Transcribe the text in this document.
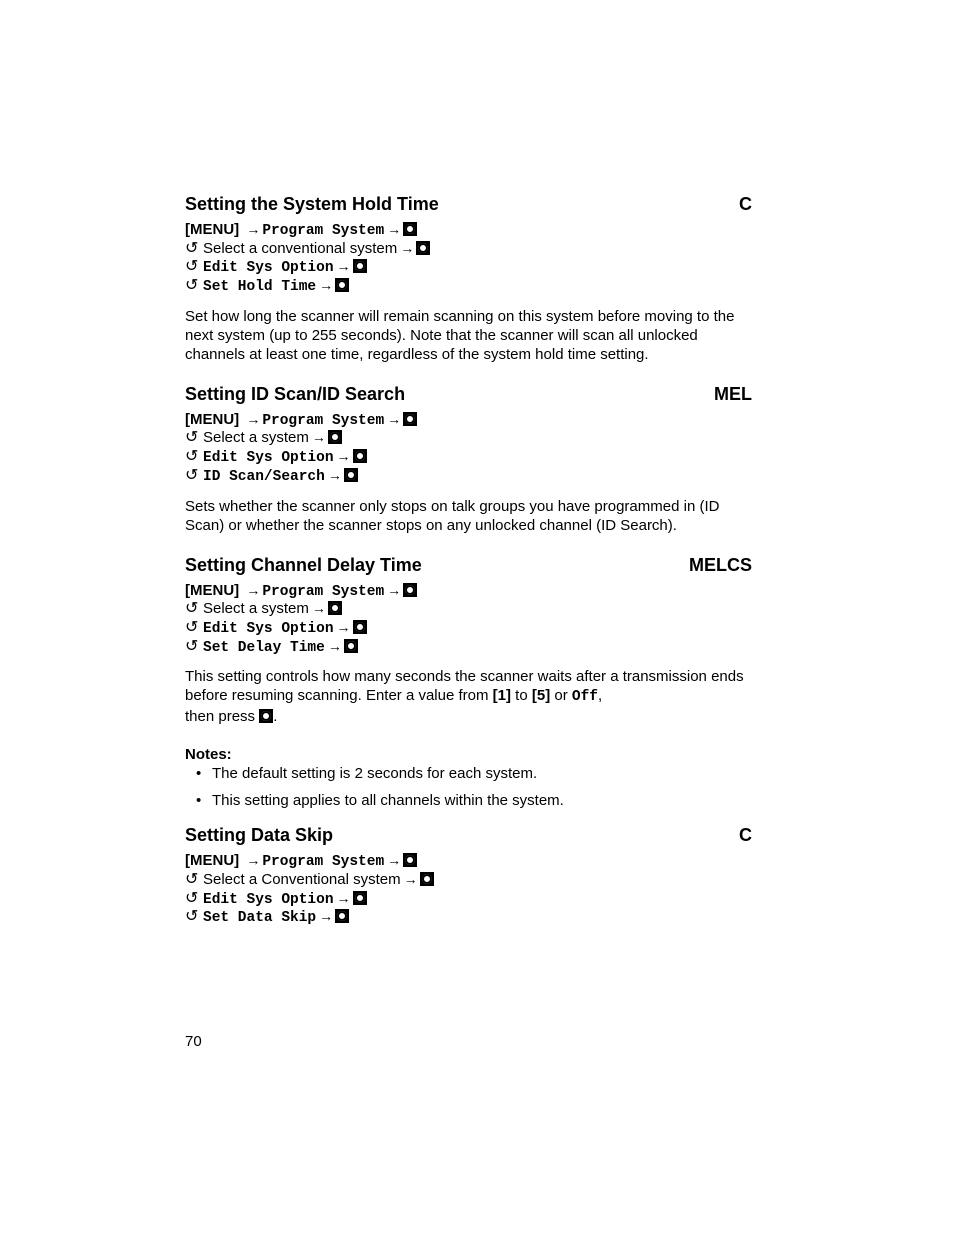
Setting the System Hold Time	C
[MENU] → Program System →
↺ Select a conventional system →
↺ Edit Sys Option →
↺ Set Hold Time →

Set how long the scanner will remain scanning on this system before moving to the next system (up to 255 seconds). Note that the scanner will scan all unlocked channels at least one time, regardless of the system hold time setting.

Setting ID Scan/ID Search	MEL
[MENU] → Program System →
↺ Select a system →
↺ Edit Sys Option →
↺ ID Scan/Search →

Sets whether the scanner only stops on talk groups you have programmed in (ID Scan) or whether the scanner stops on any unlocked channel (ID Search).

Setting Channel Delay Time	MELCS
[MENU] → Program System →
↺ Select a system →
↺ Edit Sys Option →
↺ Set Delay Time →

This setting controls how many seconds the scanner waits after a transmission ends before resuming scanning. Enter a value from [1] to [5] or Off,
then press .

Notes:
• The default setting is 2 seconds for each system.
• This setting applies to all channels within the system.
Setting Data Skip	C
[MENU] → Program System →
↺ Select a Conventional system →
↺ Edit Sys Option →
↺ Set Data Skip →
70
